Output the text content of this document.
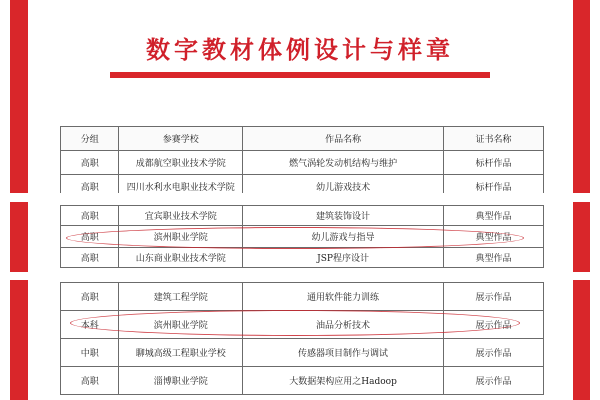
数字教材体例设计与样章
分组	参赛学校	作品名称	证书名称
高职	成都航空职业技术学院	燃气涡轮发动机结构与维护	标杆作品
高职	四川水利水电职业技术学院	幼儿游戏技术	标杆作品
高职	宜宾职业技术学院	建筑装饰设计	典型作品
高职	滨州职业学院	幼儿游戏与指导	典型作品
高职	山东商业职业技术学院	JSP程序设计	典型作品
高职	建筑工程学院	通用软件能力训练	展示作品
本科	滨州职业学院	油品分析技术	展示作品
中职	聊城高级工程职业学校	传感器项目制作与调试	展示作品
高职	淄博职业学院	大数据架构应用之Hadoop	展示作品
